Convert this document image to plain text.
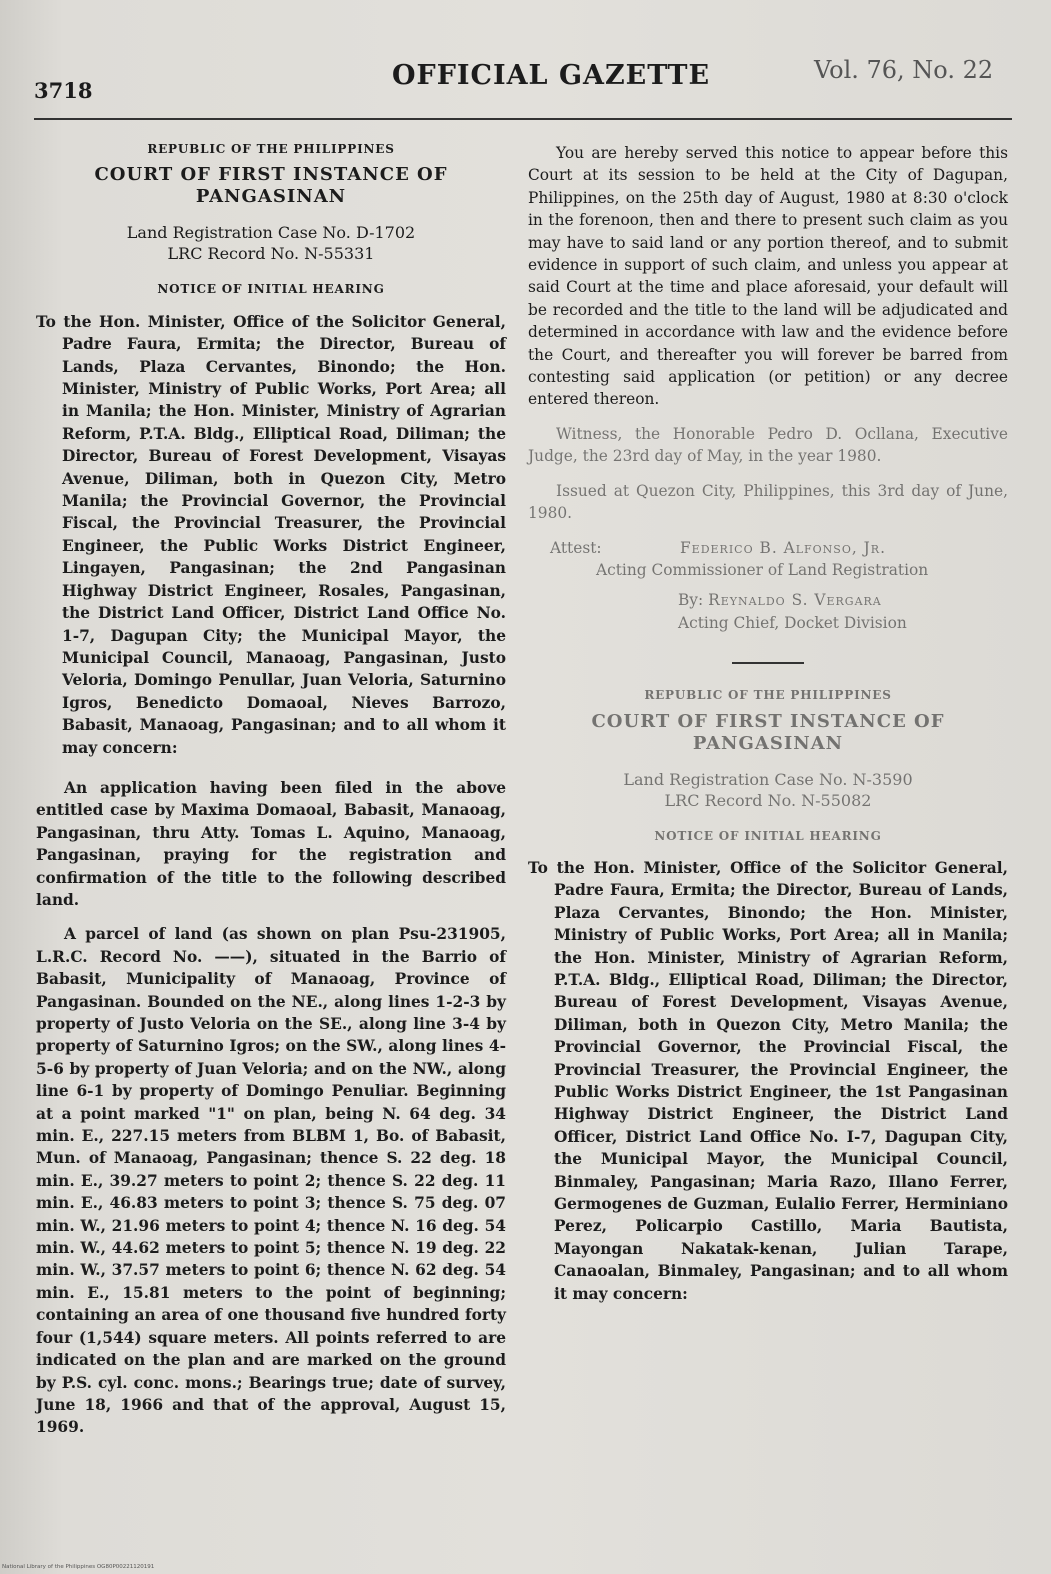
3718	OFFICIAL GAZETTE	Vol. 76, No. 22
REPUBLIC OF THE PHILIPPINES
COURT OF FIRST INSTANCE OF PANGASINAN
Land Registration Case No. D-1702
LRC Record No. N-55331
NOTICE OF INITIAL HEARING

To the Hon. Minister, Office of the Solicitor General, Padre Faura, Ermita; the Director, Bureau of Lands, Plaza Cervantes, Binondo; the Hon. Minister, Ministry of Public Works, Port Area; all in Manila; the Hon. Minister, Ministry of Agrarian Reform, P.T.A. Bldg., Elliptical Road, Diliman; the Director, Bureau of Forest Development, Visayas Avenue, Diliman, both in Quezon City, Metro Manila; the Provincial Governor, the Provincial Fiscal, the Provincial Treasurer, the Provincial Engineer, the Public Works District Engineer, Lingayen, Pangasinan; the 2nd Pangasinan Highway District Engineer, Rosales, Pangasinan, the District Land Officer, District Land Office No. 1-7, Dagupan City; the Municipal Mayor, the Municipal Council, Manaoag, Pangasinan, Justo Veloria, Domingo Penullar, Juan Veloria, Saturnino Igros, Benedicto Domaoal, Nieves Barrozo, Babasit, Manaoag, Pangasinan; and to all whom it may concern:

An application having been filed in the above entitled case by Maxima Domaoal, Babasit, Manaoag, Pangasinan, thru Atty. Tomas L. Aquino, Manaoag, Pangasinan, praying for the registration and confirmation of the title to the following described land.

A parcel of land (as shown on plan Psu-231905, L.R.C. Record No. ——), situated in the Barrio of Babasit, Municipality of Manaoag, Province of Pangasinan. Bounded on the NE., along lines 1-2-3 by property of Justo Veloria on the SE., along line 3-4 by property of Saturnino Igros; on the SW., along lines 4-5-6 by property of Juan Veloria; and on the NW., along line 6-1 by property of Domingo Penuliar. Beginning at a point marked "1" on plan, being N. 64 deg. 34 min. E., 227.15 meters from BLBM 1, Bo. of Babasit, Mun. of Manaoag, Pangasinan; thence S. 22 deg. 18 min. E., 39.27 meters to point 2; thence S. 22 deg. 11 min. E., 46.83 meters to point 3; thence S. 75 deg. 07 min. W., 21.96 meters to point 4; thence N. 16 deg. 54 min. W., 44.62 meters to point 5; thence N. 19 deg. 22 min. W., 37.57 meters to point 6; thence N. 62 deg. 54 min. E., 15.81 meters to the point of beginning; containing an area of one thousand five hundred forty four (1,544) square meters. All points referred to are indicated on the plan and are marked on the ground by P.S. cyl. conc. mons.; Bearings true; date of survey, June 18, 1966 and that of the approval, August 15, 1969.

You are hereby served this notice to appear before this Court at its session to be held at the City of Dagupan, Philippines, on the 25th day of August, 1980 at 8:30 o'clock in the forenoon, then and there to present such claim as you may have to said land or any portion thereof, and to submit evidence in support of such claim, and unless you appear at said Court at the time and place aforesaid, your default will be recorded and the title to the land will be adjudicated and determined in accordance with law and the evidence before the Court, and thereafter you will forever be barred from contesting said application (or petition) or any decree entered thereon.

Witness, the Honorable Pedro D. Ocllana, Executive Judge, the 23rd day of May, in the year 1980.

Issued at Quezon City, Philippines, this 3rd day of June, 1980.

Attest:	Federico B. Alfonso, Jr.
Acting Commissioner of Land Registration
By: Reynaldo S. Vergara
Acting Chief, Docket Division
REPUBLIC OF THE PHILIPPINES
COURT OF FIRST INSTANCE OF PANGASINAN
Land Registration Case No. N-3590
LRC Record No. N-55082
NOTICE OF INITIAL HEARING

To the Hon. Minister, Office of the Solicitor General, Padre Faura, Ermita; the Director, Bureau of Lands, Plaza Cervantes, Binondo; the Hon. Minister, Ministry of Public Works, Port Area; all in Manila; the Hon. Minister, Ministry of Agrarian Reform, P.T.A. Bldg., Elliptical Road, Diliman; the Director, Bureau of Forest Development, Visayas Avenue, Diliman, both in Quezon City, Metro Manila; the Provincial Governor, the Provincial Fiscal, the Provincial Treasurer, the Provincial Engineer, the Public Works District Engineer, the 1st Pangasinan Highway District Engineer, the District Land Officer, District Land Office No. I-7, Dagupan City, the Municipal Mayor, the Municipal Council, Binmaley, Pangasinan; Maria Razo, Illano Ferrer, Germogenes de Guzman, Eulalio Ferrer, Herminiano Perez, Policarpio Castillo, Maria Bautista, Mayongan Nakatak-kenan, Julian Tarape, Canaoalan, Binmaley, Pangasinan; and to all whom it may concern:

National Library of the Philippines OG80P00221120191
